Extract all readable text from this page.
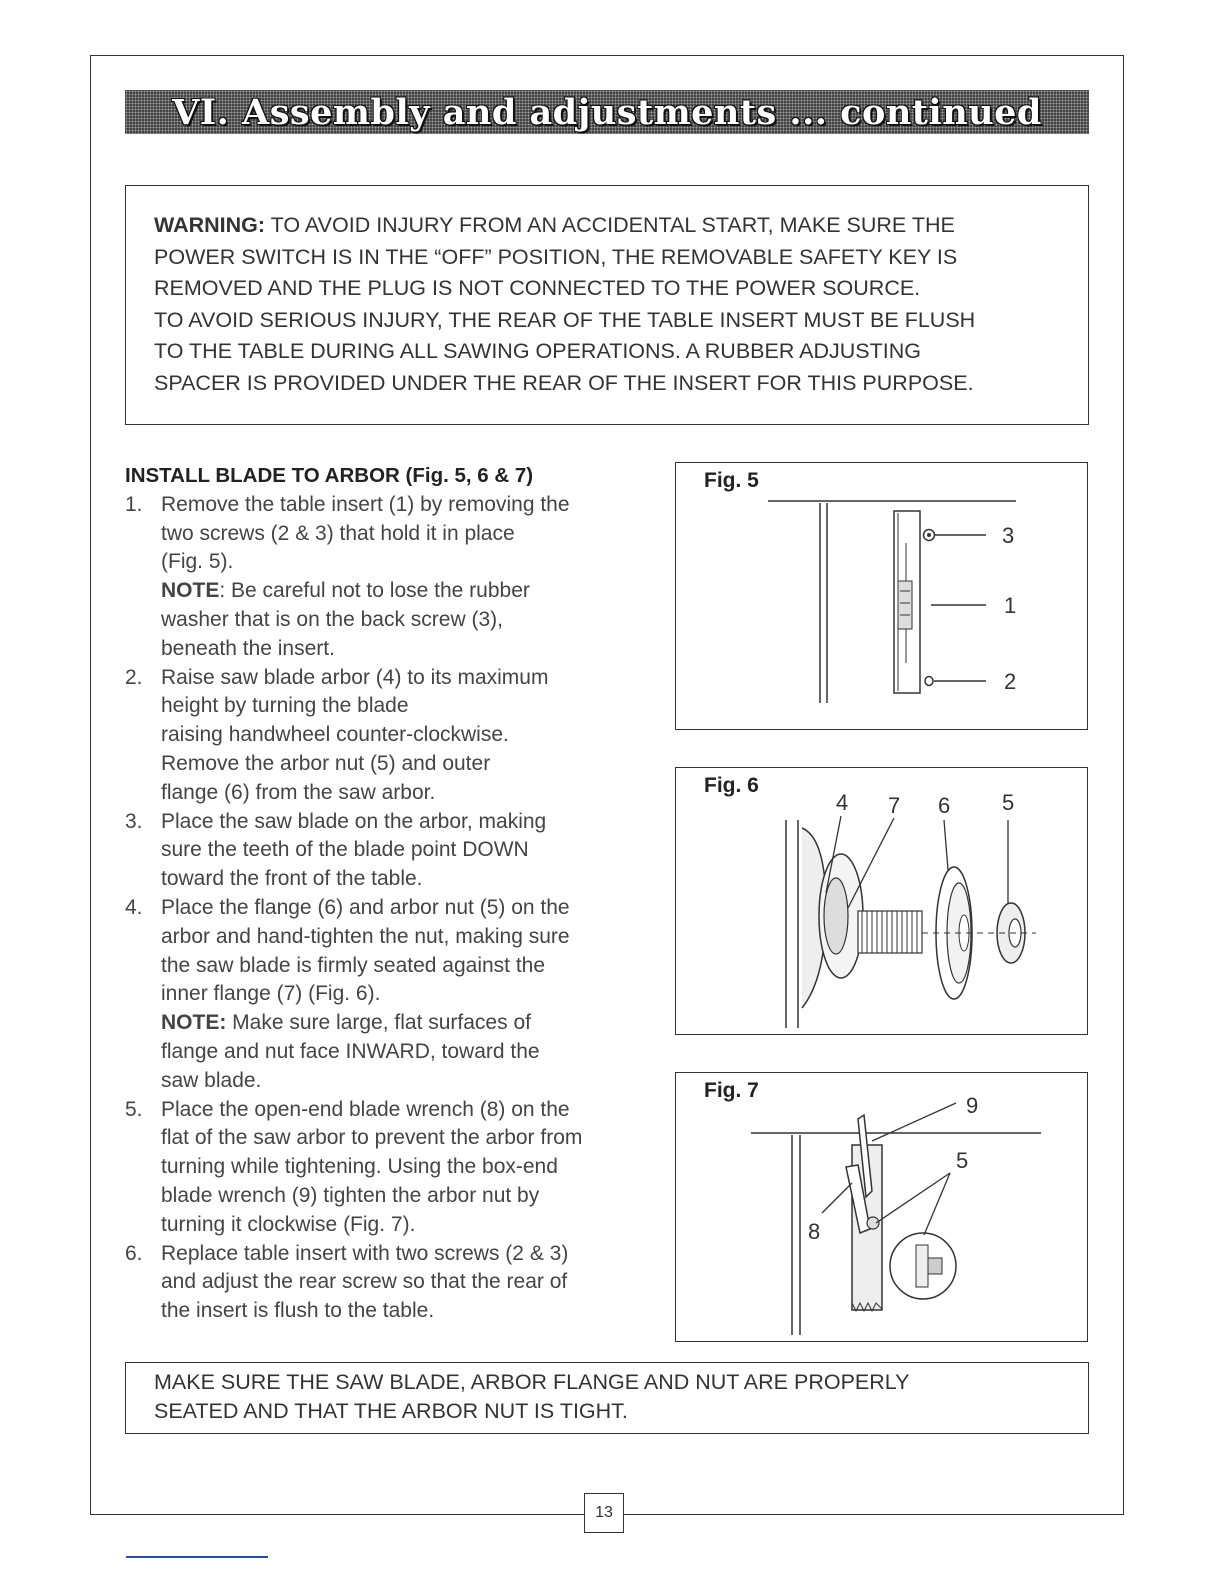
VI. Assembly and adjustments ... continued
WARNING: TO AVOID INJURY FROM AN ACCIDENTAL START, MAKE SURE THE
POWER SWITCH IS IN THE “OFF” POSITION, THE REMOVABLE SAFETY KEY IS
REMOVED AND THE PLUG IS NOT CONNECTED TO THE POWER SOURCE.
TO AVOID SERIOUS INJURY, THE REAR OF THE TABLE INSERT MUST BE FLUSH
TO THE TABLE DURING ALL SAWING OPERATIONS. A RUBBER ADJUSTING
SPACER IS PROVIDED UNDER THE REAR OF THE INSERT FOR THIS PURPOSE.
INSTALL BLADE TO ARBOR (Fig. 5, 6 & 7)
1. Remove the table insert (1) by removing the
two screws (2 & 3) that hold it in place
(Fig. 5).
NOTE: Be careful not to lose the rubber
washer that is on the back screw (3),
beneath the insert.
2. Raise saw blade arbor (4) to its maximum
height by turning the blade
raising handwheel counter-clockwise.
Remove the arbor nut (5) and outer
flange (6) from the saw arbor.
3. Place the saw blade on the arbor, making
sure the teeth of the blade point DOWN
toward the front of the table.
4. Place the flange (6) and arbor nut (5) on the
arbor and hand-tighten the nut, making sure
the saw blade is firmly seated against the
inner flange (7) (Fig. 6).
NOTE: Make sure large, flat surfaces of
flange and nut face INWARD, toward the
saw blade.
5. Place the open-end blade wrench (8) on the
flat of the saw arbor to prevent the arbor from
turning while tightening. Using the box-end
blade wrench (9) tighten the arbor nut by
turning it clockwise (Fig. 7).
6. Replace table insert with two screws (2 & 3)
and adjust the rear screw so that the rear of
the insert is flush to the table.
3
1
2
Fig. 5
4 7 6 5
Fig. 6
9
5
8
Fig. 7
MAKE SURE THE SAW BLADE, ARBOR FLANGE AND NUT ARE PROPERLY
SEATED AND THAT THE ARBOR NUT IS TIGHT.
13
